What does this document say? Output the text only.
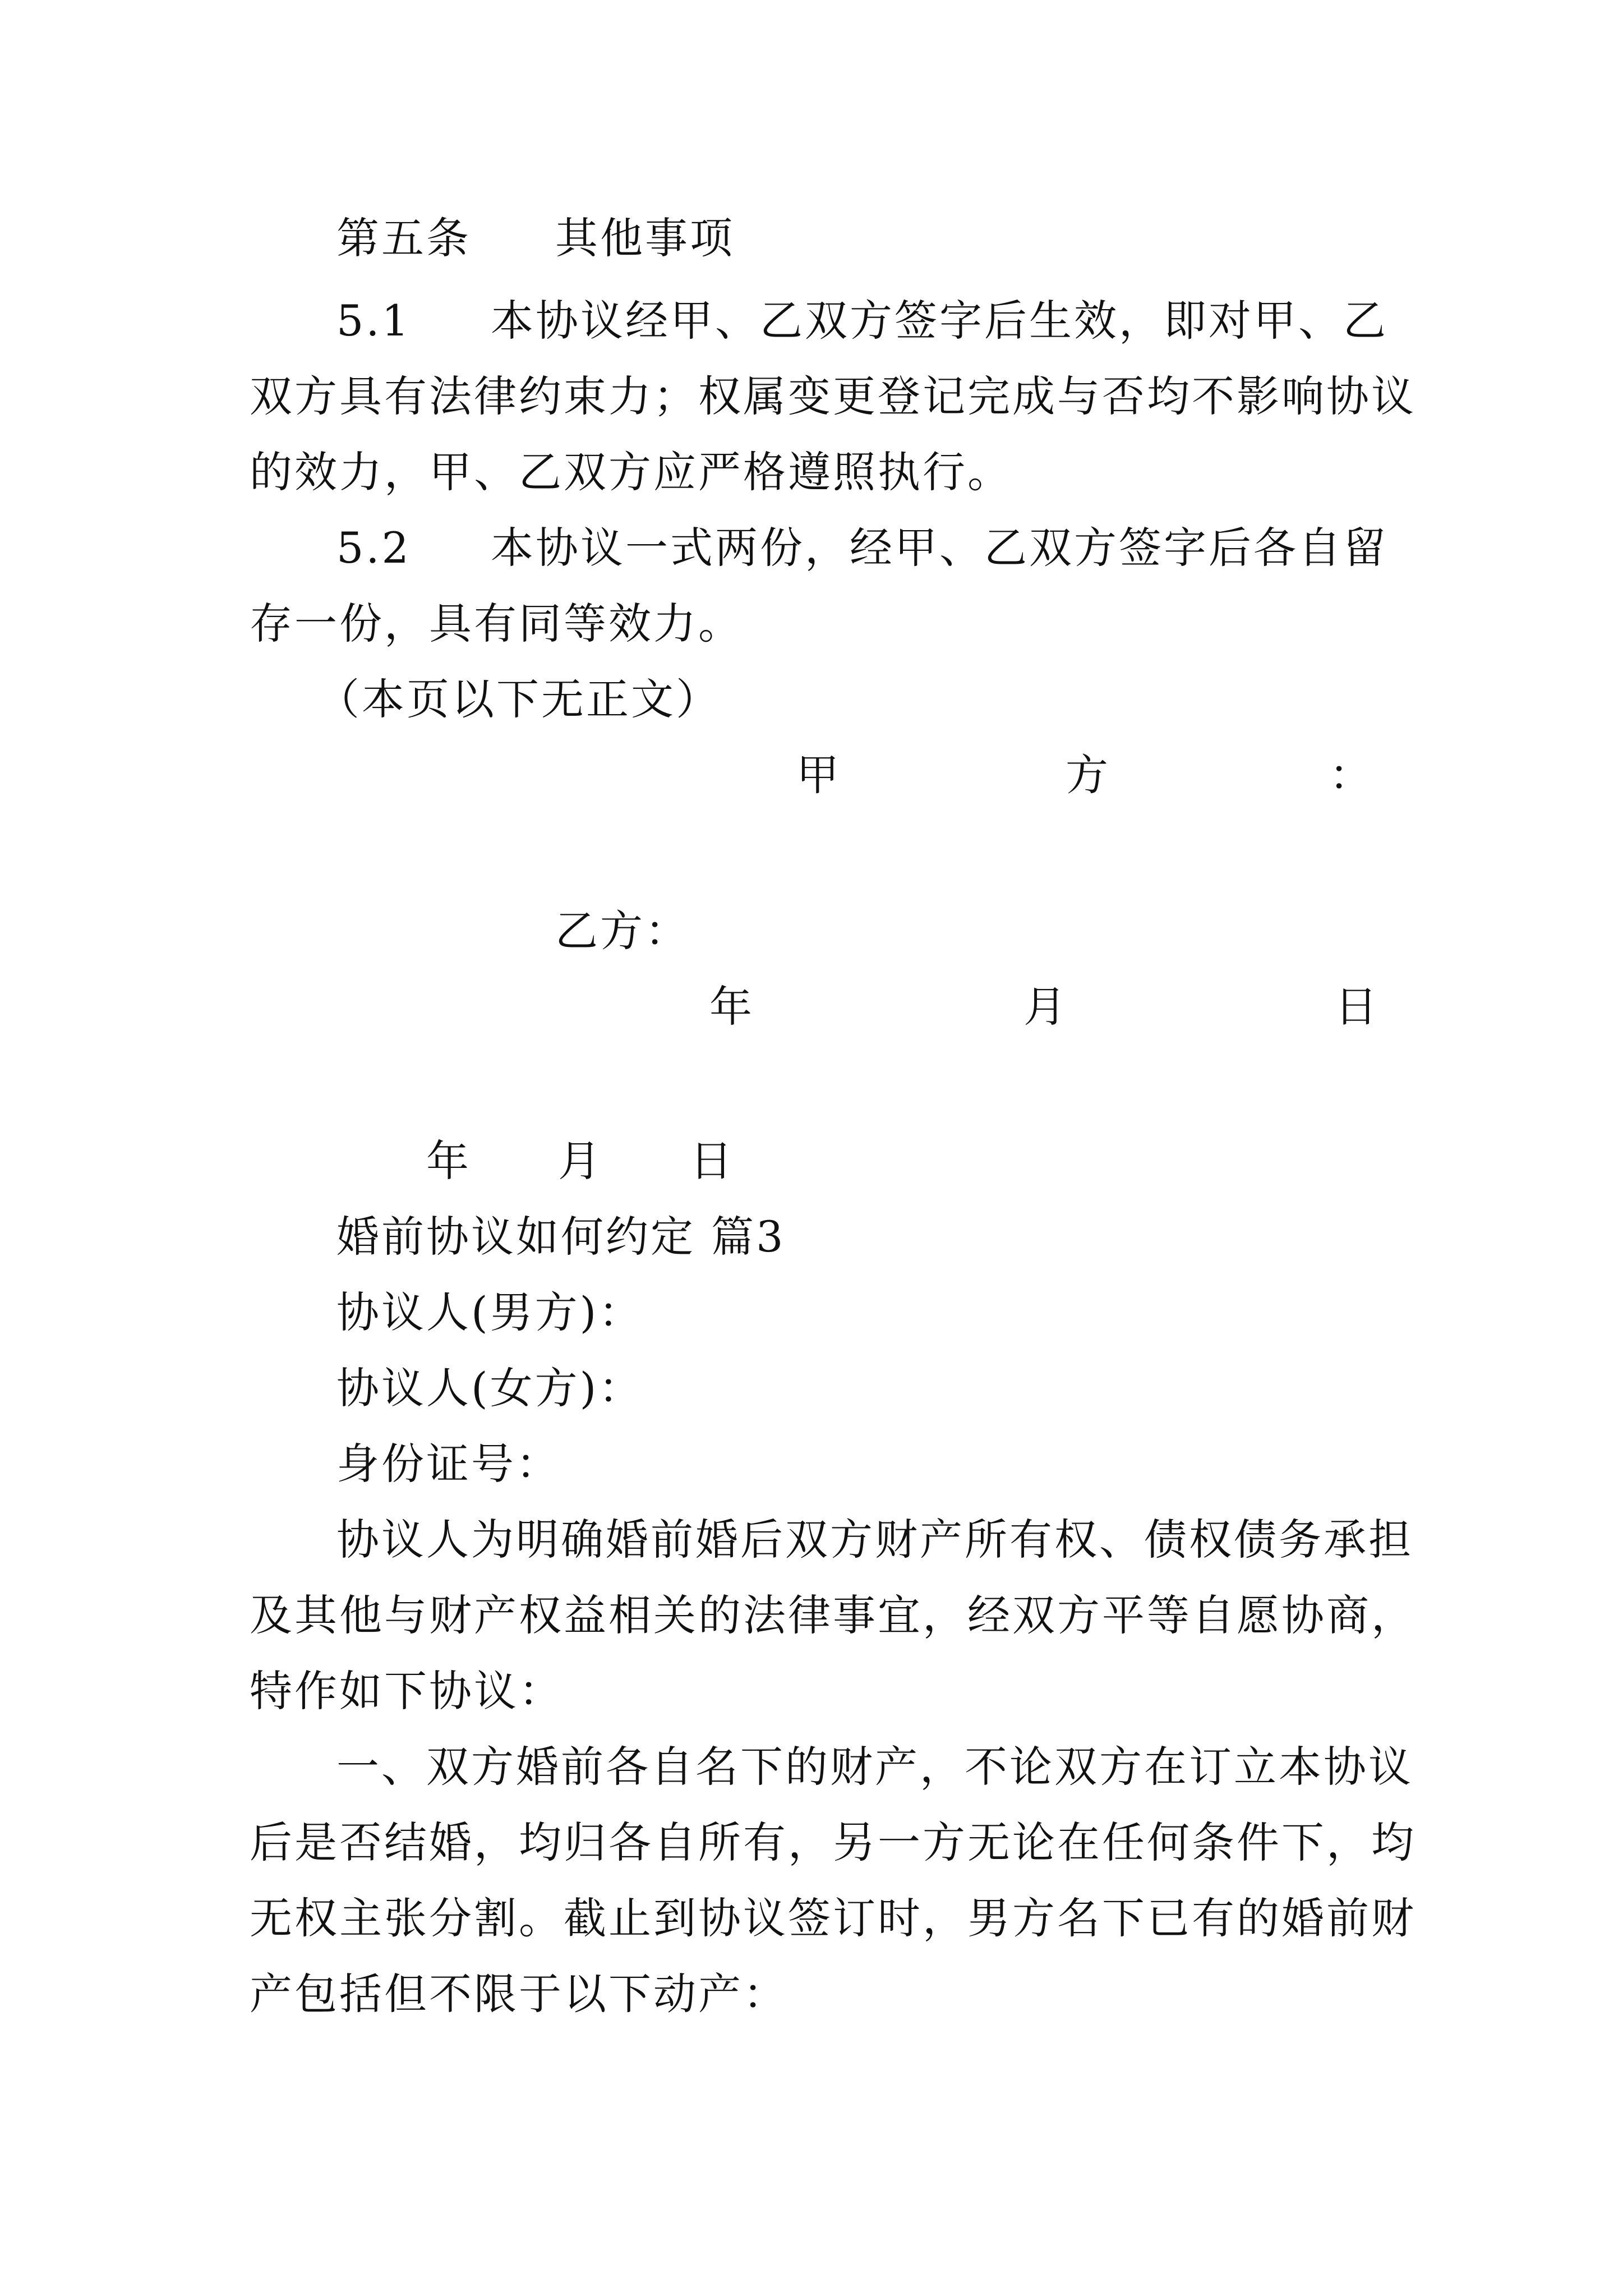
第五条 其他事项
5.1 本协议经甲、乙双方签字后生效，即对甲、乙
双方具有法律约束力；权属变更登记完成与否均不影响协议
的效力，甲、乙双方应严格遵照执行。
5.2 本协议一式两份，经甲、乙双方签字后各自留
存一份，具有同等效力。
（本页以下无正文）
甲	方	：
乙方：
年	月	日
年 月 日
婚前协议如何约定 篇3
协议人(男方)：
协议人(女方)：
身份证号：
协议人为明确婚前婚后双方财产所有权、债权债务承担
及其他与财产权益相关的法律事宜，经双方平等自愿协商，
特作如下协议：
一、双方婚前各自名下的财产，不论双方在订立本协议
后是否结婚，均归各自所有，另一方无论在任何条件下，均
无权主张分割。截止到协议签订时，男方名下已有的婚前财
产包括但不限于以下动产：
